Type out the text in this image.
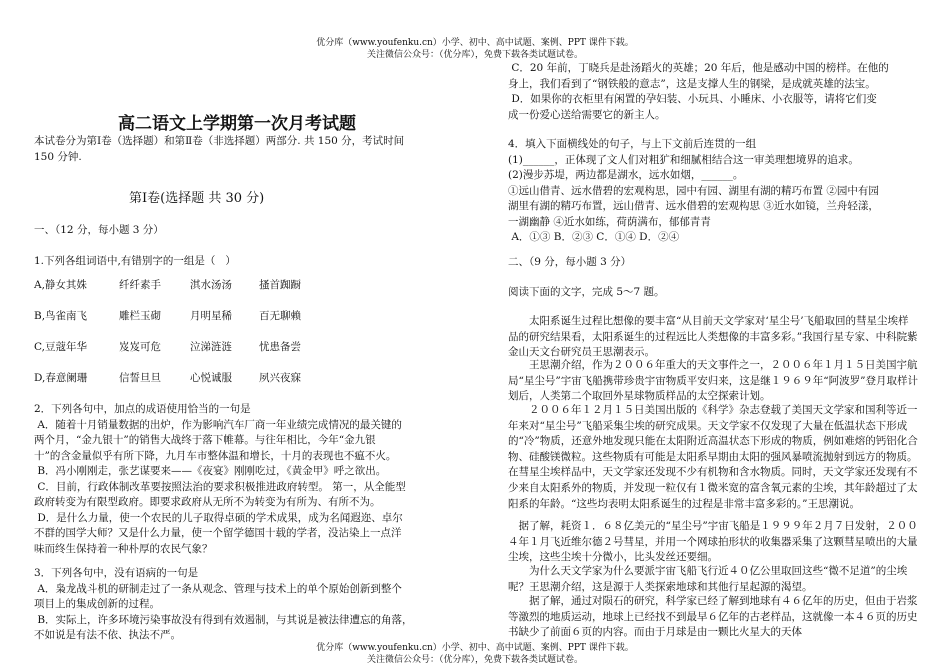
优分库（www.youfenku.cn）小学、初中、高中试题、案例、PPT 课件下载。
关注微信公众号：（优分库），免费下载各类试题试卷。
高二语文上学期第一次月考试题
本试卷分为第Ⅰ卷（选择题）和第Ⅱ卷（非选择题）两部分. 共 150 分，考试时间
150 分钟.
第Ⅰ卷(选择题 共 30 分)
一、（12 分，每小题 3 分）
1.下列各组词语中,有错别字的一组是（   ）
A,静女其姝	纤纤素手	淇水汤汤	搔首踟蹰
B,鸟雀南飞	雕栏玉砌	月明星稀	百无聊赖
C,豆蔻年华	岌岌可危	泣涕涟涟	忧患备尝
D,春意阑珊	信誓旦旦	心悦诚服	夙兴夜寐
2．下列各句中，加点的成语使用恰当的一句是
A．随着十月销量数据的出炉，作为影响汽车厂商一年业绩完成情况的最关键的
两个月，“金九银十”的销售大战终于落下帷幕。与往年相比，今年“金九银
十”的含金量似乎有所下降，九月车市整体温和增长，十月的表现也不瘟不火。
B．冯小刚刚走，张艺谋要来——《夜宴》刚刚吃过，《黄金甲》呼之欲出。
C．目前，行政体制改革要按照法治的要求积极推进政府转型。 第一，从全能型
政府转变为有限型政府。即要求政府从无所不为转变为有所为、有所不为。
D．是什么力量，使一个农民的儿子取得卓硕的学术成果，成为名闻遐迩、卓尔
不群的国学大师？又是什么力量，使一个留学德国十载的学者，没沾染上一点洋
味而终生保持着一种朴厚的农民气象？
3．下列各句中，没有语病的一句是
A．枭龙战斗机的研制走过了一条从观念、管理与技术上的单个原始创新到整个
项目上的集成创新的过程。
B．实际上，许多环境污染事故没有得到有效遏制，与其说是被法律遭忘的角落，
不如说是有法不依、执法不严。
C．20 年前，丁晓兵是赴汤蹈火的英雄；20 年后，他是感动中国的榜样。在他的
身上，我们看到了“钢铁般的意志”，这是支撑人生的钢梁，是成就英雄的法宝。
D．如果你的衣柜里有闲置的孕妇装、小玩具、小睡床、小衣服等，请将它们变
成一份爱心送给需要它的新主人。
4．填入下面横线处的句子，与上下文前后连贯的一组
(1)______，正体现了文人们对粗犷和细腻相结合这一审美理想境界的追求。
(2)漫步苏堤，两边都是湖水，远水如烟，______。
①远山借青、远水借碧的宏观构思，园中有园、湖里有湖的精巧布置 ②园中有园
湖里有湖的精巧布置，远山借青、远水借碧的宏观构思 ③近水如镜，兰舟轻漾，
一湖幽静 ④近水如练，荷荫满布，郁郁青青
A．①③ B．②③ C．①④ D．②④
二、（9 分，每小题 3 分）
阅读下面的文字，完成 5～7 题。
　　太阳系诞生过程比想像的要丰富“从目前天文学家对‘星尘号’飞船取回的彗星尘埃样品的研究结果看，太阳系诞生的过程远比人类想像的丰富多彩。”我国行星专家、中科院紫金山天文台研究员王思潮表示。
　　王思潮介绍，作为２００６年重大的天文事件之一，２００６年１月１５日美国宇航局“星尘号”宇宙飞船携带珍贵宇宙物质平安归来，这是继１９６９年“阿波罗”登月取样计划后，人类第二个取回外星球物质样品的太空探索计划。
　　２００６年１２月１５日美国出版的《科学》杂志登载了美国天文学家和国利等近一年来对“星尘号”飞船采集尘埃的研究成果。天文学家不仅发现了大量在低温状态下形成的“冷”物质，还意外地发现只能在太阳附近高温状态下形成的物质，例如难熔的钙铝化合物、硅酸镁微粒。这些物质有可能是太阳系早期由太阳的强风暴喷流抛射到远方的物质。在彗星尘埃样品中，天文学家还发现不少有机物和含水物质。同时，天文学家还发现有不少来自太阳系外的物质，并发现一粒仅有１微米宽的富含氧元素的尘埃，其年龄超过了太阳系的年龄。“这些均表明太阳系诞生的过程是非常丰富多彩的。”王思潮说。
　据了解，耗资１．６８亿美元的“星尘号”宇宙飞船是１９９９年２月７日发射，２００４年１月飞近维尔德２号彗星，并用一个网球拍形状的收集器采集了这颗彗星喷出的大量尘埃，这些尘埃十分微小，比头发丝还要细。
　　为什么天文学家为什么要派宇宙飞船飞行近４０亿公里取回这些“微不足道”的尘埃呢？王思潮介绍，这是源于人类探索地球和其他行星起源的渴望。
　　据了解，通过对陨石的研究，科学家已经了解到地球有４６亿年的历史，但由于岩浆等激烈的地质运动，地球上已经找不到最早６亿年的古老样品，这就像一本４６页的历史书缺少了前面６页的内容。而由于月球是由一颗比火星大的天体
优分库（www.youfenku.cn）小学、初中、高中试题、案例、PPT 课件下载。
关注微信公众号：（优分库），免费下载各类试题试卷。
